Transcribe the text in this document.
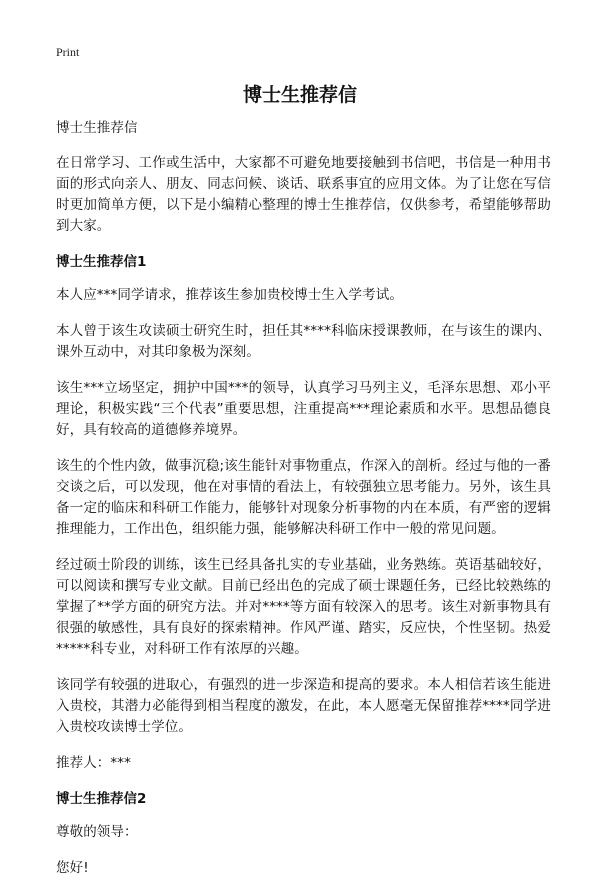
Print
博士生推荐信

博士生推荐信

在日常学习、工作或生活中，大家都不可避免地要接触到书信吧，书信是一种用书面的形式向亲人、朋友、同志问候、谈话、联系事宜的应用文体。为了让您在写信时更加简单方便，以下是小编精心整理的博士生推荐信，仅供参考，希望能够帮助到大家。

博士生推荐信1

本人应***同学请求，推荐该生参加贵校博士生入学考试。

本人曾于该生攻读硕士研究生时，担任其****科临床授课教师，在与该生的课内、课外互动中，对其印象极为深刻。

该生***立场坚定，拥护中国***的领导，认真学习马列主义，毛泽东思想、邓小平理论，积极实践“三个代表”重要思想，注重提高***理论素质和水平。思想品德良好，具有较高的道德修养境界。

该生的个性内敛，做事沉稳;该生能针对事物重点，作深入的剖析。经过与他的一番交谈之后，可以发现，他在对事情的看法上，有较强独立思考能力。另外，该生具备一定的临床和科研工作能力，能够针对现象分析事物的内在本质，有严密的逻辑推理能力，工作出色，组织能力强，能够解决科研工作中一般的常见问题。

经过硕士阶段的训练，该生已经具备扎实的专业基础，业务熟练。英语基础较好，可以阅读和撰写专业文献。目前已经出色的完成了硕士课题任务，已经比较熟练的掌握了**学方面的研究方法。并对****等方面有较深入的思考。该生对新事物具有很强的敏感性，具有良好的探索精神。作风严谨、踏实，反应快，个性坚韧。热爱*****科专业，对科研工作有浓厚的兴趣。

该同学有较强的进取心，有强烈的进一步深造和提高的要求。本人相信若该生能进入贵校，其潜力必能得到相当程度的激发，在此，本人愿毫无保留推荐****同学进入贵校攻读博士学位。

推荐人：***

博士生推荐信2

尊敬的领导：

您好!
